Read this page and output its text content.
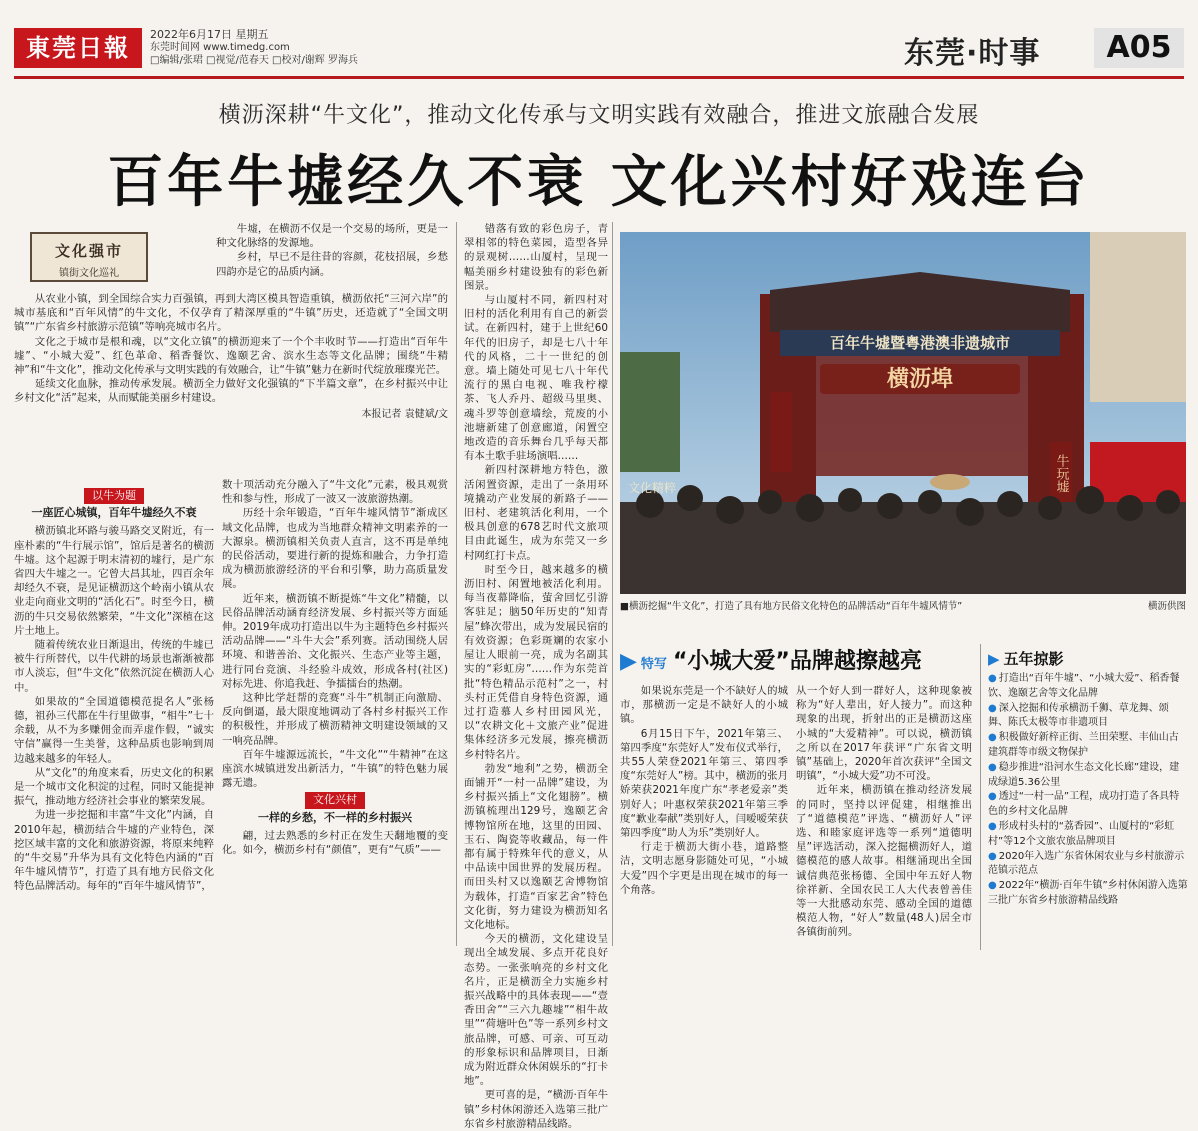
東莞日報	2022年6月17日 星期五
东莞时间网 www.timedg.com
□编辑/张珺 □视觉/范春天 □校对/谢辉 罗海兵	东莞·时事	A05
横沥深耕“牛文化”，推动文化传承与文明实践有效融合，推进文旅融合发展
百年牛墟经久不衰 文化兴村好戏连台
文化强市
镇街文化巡礼

牛墟，在横沥不仅是一个交易的场所，更是一种文化脉络的发源地。

乡村，早已不是往昔的容颜，花枝招展，乡愁四韵亦是它的品质内涵。

从农业小镇，到全国综合实力百强镇，再到大湾区模具智造重镇，横沥依托“三河六岸”的城市基底和“百年风情”的牛文化，不仅孕育了精深厚重的“牛镇”历史，还造就了“全国文明镇”“广东省乡村旅游示范镇”等响亮城市名片。

文化之于城市是根和魂，以“文化立镇”的横沥迎来了一个个丰收时节——打造出“百年牛墟”、“小城大爱”、红色革命、稻香餐饮、逸颐艺舍、滨水生态等文化品牌；围绕“牛精神”和“牛文化”，推动文化传承与文明实践的有效融合，让“牛镇”魅力在新时代绽放璀璨光芒。

延续文化血脉，推动传承发展。横沥全力做好文化强镇的“下半篇文章”，在乡村振兴中让乡村文化“活”起来，从而赋能美丽乡村建设。

本报记者 袁健斌/文
以牛为题
一座匠心城镇，百年牛墟经久不衰

横沥镇北环路与骏马路交叉附近，有一座朴素的“牛行展示馆”，馆后是著名的横沥牛墟。这个起源于明末清初的墟行，是广东省四大牛墟之一。它曾大昌其址，四百余年却经久不衰，是见证横沥这个岭南小镇从农业走向商业文明的“活化石”。时至今日，横沥的牛只交易依然繁荣，“牛文化”深植在这片土地上。

随着传统农业日渐退出，传统的牛墟已被牛行所替代，以牛代耕的场景也渐渐被都市人淡忘，但“牛文化”依然沉淀在横沥人心中。

如果故的“全国道德模范提名人”张杨德，祖孙三代都在牛行里做事，“相牛”七十余载，从不为多赚佣金而弄虚作假，“诚实守信”赢得一生美誉，这种品质也影响到周边越来越多的年轻人。

从“文化”的角度来看，历史文化的积累是一个城市文化积淀的过程，同时又能提神振气，推动地方经济社会事业的繁荣发展。

为进一步挖掘和丰富“牛文化”内涵，自2010年起，横沥结合牛墟的产业特色，深挖区域丰富的文化和旅游资源，将原来纯粹的“牛交易”升华为具有文化特色内涵的“百年牛墟风情节”，打造了具有地方民俗文化特色品牌活动。每年的“百年牛墟风情节”，

数十项活动充分融入了“牛文化”元素，极具观赏性和参与性，形成了一波又一波旅游热潮。

历经十余年锻造，“百年牛墟风情节”渐成区域文化品牌，也成为当地群众精神文明素养的一大源泉。横沥镇相关负责人直言，这不再是单纯的民俗活动，要进行新的提炼和融合，力争打造成为横沥旅游经济的平台和引擎，助力高质量发展。

近年来，横沥镇不断提炼“牛文化”精髓，以民俗品牌活动涵育经济发展、乡村振兴等方面延伸。2019年成功打造出以牛为主题特色乡村振兴活动品牌——“斗牛大会”系列赛。活动围绕人居环境、和谐善治、文化振兴、生态产业等主题，进行同台竞演、斗经验斗成效，形成各村(社区)对标先进、你追我赶、争擂擂台的热潮。

这种比学赶帮的竞赛“斗牛”机制正向激励、反向倒逼，最大限度地调动了各村乡村振兴工作的积极性，并形成了横沥精神文明建设领域的又一响亮品牌。

百年牛墟源远流长，“牛文化”“牛精神”在这座滨水城镇迸发出新活力，“牛镇”的特色魅力展露无遗。

文化兴村
一样的乡愁，不一样的乡村振兴

翩，过去熟悉的乡村正在发生天翻地覆的变化。如今，横沥乡村有“颜值”，更有“气质”——

错落有致的彩色房子，青翠相邻的特色菜园，造型各异的景观树……山厦村，呈现一幅美丽乡村建设独有的彩色新图景。

与山厦村不同，新四村对旧村的活化利用有自己的新尝试。在新四村，建于上世纪60年代的旧房子，却是七八十年代的风格，二十一世纪的创意。墙上随处可见七八十年代流行的黑白电视、唯我柠檬茶、飞人乔丹、超级马里奥、魂斗罗等创意墙绘，荒废的小池塘新建了创意廊道，闲置空地改造的音乐舞台几乎每天都有本土歌手驻场演唱……

新四村深耕地方特色，激活闲置资源，走出了一条用环境撬动产业发展的新路子——旧村、老建筑活化利用，一个极具创意的678艺时代文旅项目由此诞生，成为东莞又一乡村网红打卡点。

时至今日，越来越多的横沥旧村、闲置地被活化利用。每当夜幕降临，萤舍回忆引游客驻足；脑50年历史的“知青屋”蜂次带出，成为发展民宿的有效资源；色彩斑斓的农家小屋让人眼前一亮，成为名副其实的“彩虹房”……作为东莞首批“特色精品示范村”之一，村头村正凭借自身特色资源，通过打造慕人乡村田园风光，以“农耕文化＋文旅产业”促进集体经济多元发展，擦亮横沥乡村特名片。

勃发“地利”之势，横沥全面铺开“一村一品牌”建设，为乡村振兴插上“文化翅膀”。横沥镇梳理出129号，逸颐艺舍博物馆所在地，这里的田园、玉石、陶瓷等收藏品，每一件都有属于特殊年代的意义，从中品读中国世界的发展历程。而田头村又以逸颐艺舍博物馆为载体，打造“百家艺舍”特色文化街，努力建设为横沥知名文化地标。

今天的横沥，文化建设呈现出全域发展、多点开花良好态势。一张张响亮的乡村文化名片，正是横沥全力实施乡村振兴战略中的具体表现——“壹香田舍”“三六九趣墟”“相牛故里”“荷塘叶色”等一系列乡村文旅品牌，可感、可亲、可互动的形象标识和品牌项目，日渐成为附近群众休闲娱乐的“打卡地”。

更可喜的是，“横沥·百年牛镇”乡村休闲游还入选第三批广东省乡村旅游精品线路。

百年牛墟暨粤港澳非遗城市
横沥埠
文化精粹	牛玩墟
■横沥挖掘“牛文化”，打造了具有地方民俗文化特色的品牌活动“百年牛墟风情节”	横沥供图
▶ 特写 “小城大爱”品牌越擦越亮

如果说东莞是一个不缺好人的城市，那横沥一定是不缺好人的小城镇。

6月15日下午，2021年第三、第四季度“东莞好人”发布仪式举行，共55人荣登2021年第三、第四季度“东莞好人”榜。其中，横沥的张月娇荣获2021年度广东“孝老爱亲”类别好人；叶惠权荣获2021年第三季度“歉业奉献”类别好人，闫嗳嗳荣获第四季度“助人为乐”类别好人。

行走于横沥大街小巷，道路整洁，文明志愿身影随处可见，“小城大爱”四个字更是出现在城市的每一个角落。

从一个好人到一群好人，这种现象被称为“好人辈出，好人接力”。而这种现象的出现，折射出的正是横沥这座小城的“大爱精神”。可以说，横沥镇之所以在2017年获评“广东省文明镇”基础上，2020年首次获评“全国文明镇”，“小城大爱”功不可没。

近年来，横沥镇在推动经济发展的同时，坚持以评促建，相继推出了“道德模范”评选、“横沥好人”评选、和睦家庭评选等一系列“道德明星”评选活动，深入挖掘横沥好人，道德模范的感人故事。相继涌现出全国诚信典范张杨德、全国中年五好人物徐祥新、全国农民工人大代表曾善佳等一大批感动东莞、感动全国的道德模范人物，“好人”数量(48人)居全市各镇街前列。

▶ 五年掠影
● 打造出“百年牛墟”、“小城大爱”、稻香餐饮、逸颐艺舍等文化品牌
● 深入挖掘和传承横沥千狮、草龙舞、颂舞、陈氏太极等市非遗项目
● 积极做好新梓正街、兰田荣墅、丰仙山古建筑群等市级文物保护
● 稳步推进“沿河水生态文化长廊”建设，建成绿道5.36公里
● 透过“一村一品”工程，成功打造了各具特色的乡村文化品牌
● 形成村头村的“荔香园”、山厦村的“彩虹村”等12个文旅农旅品牌项目
● 2020年入选广东省休闲农业与乡村旅游示范镇示范点
● 2022年“横沥·百年牛镇”乡村休闲游入选第三批广东省乡村旅游精品线路
